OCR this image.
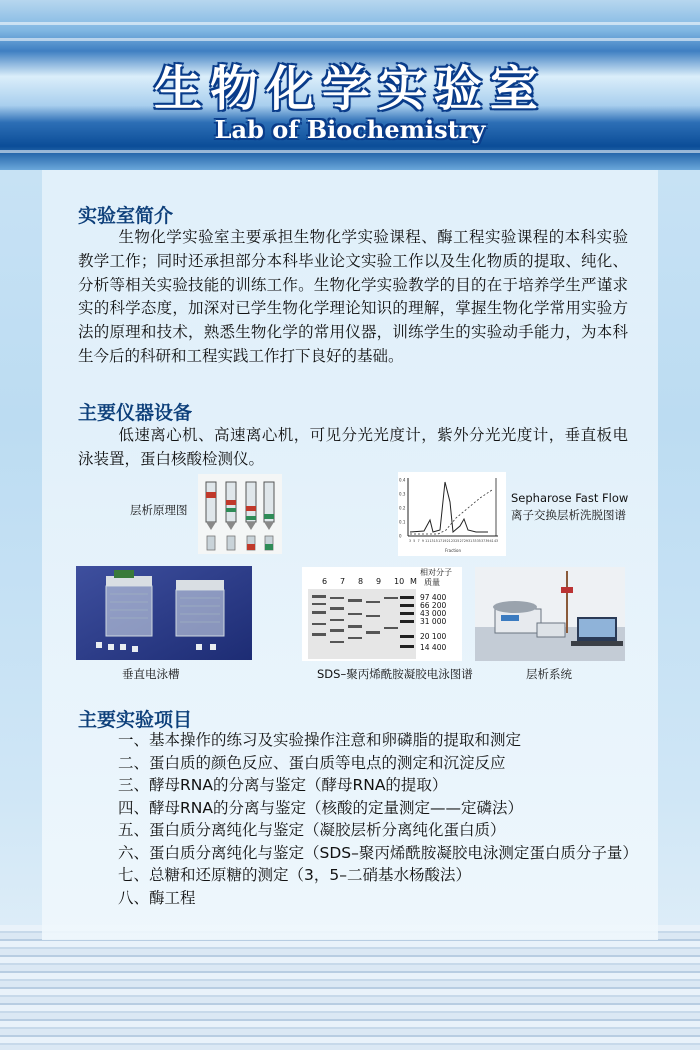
生物化学实验室
Lab of Biochemistry
实验室简介
生物化学实验室主要承担生物化学实验课程、酶工程实验课程的本科实验教学工作；同时还承担部分本科毕业论文实验工作以及生化物质的提取、纯化、分析等相关实验技能的训练工作。生物化学实验教学的目的在于培养学生严谨求实的科学态度，加深对已学生物化学理论知识的理解，掌握生物化学常用实验方法的原理和技术，熟悉生物化学的常用仪器，训练学生的实验动手能力，为本科生今后的科研和工程实践工作打下良好的基础。
主要仪器设备
低速离心机、高速离心机，可见分光光度计，紫外分光光度计，垂直板电泳装置，蛋白核酸检测仪。
层析原理图
0.4
0.3
0.2
0.1
0
3 5 7 9 11 13 15 17 19 21 23 25 27 29 31 33 35 37 39 41 43
Fraction
Sepharose Fast Flow
离子交换层析洗脱图谱
垂直电泳槽
6 7 8 9 10 M
相对分子
质量
97 400
66 200
43 000
31 000
20 100
14 400
SDS–聚丙烯酰胺凝胶电泳图谱	层析系统
主要实验项目
一、基本操作的练习及实验操作注意和卵磷脂的提取和测定
二、蛋白质的颜色反应、蛋白质等电点的测定和沉淀反应
三、酵母RNA的分离与鉴定（酵母RNA的提取）
四、酵母RNA的分离与鉴定（核酸的定量测定——定磷法）
五、蛋白质分离纯化与鉴定（凝胶层析分离纯化蛋白质）
六、蛋白质分离纯化与鉴定（SDS–聚丙烯酰胺凝胶电泳测定蛋白质分子量）
七、总糖和还原糖的测定（3，5–二硝基水杨酸法）
八、酶工程
